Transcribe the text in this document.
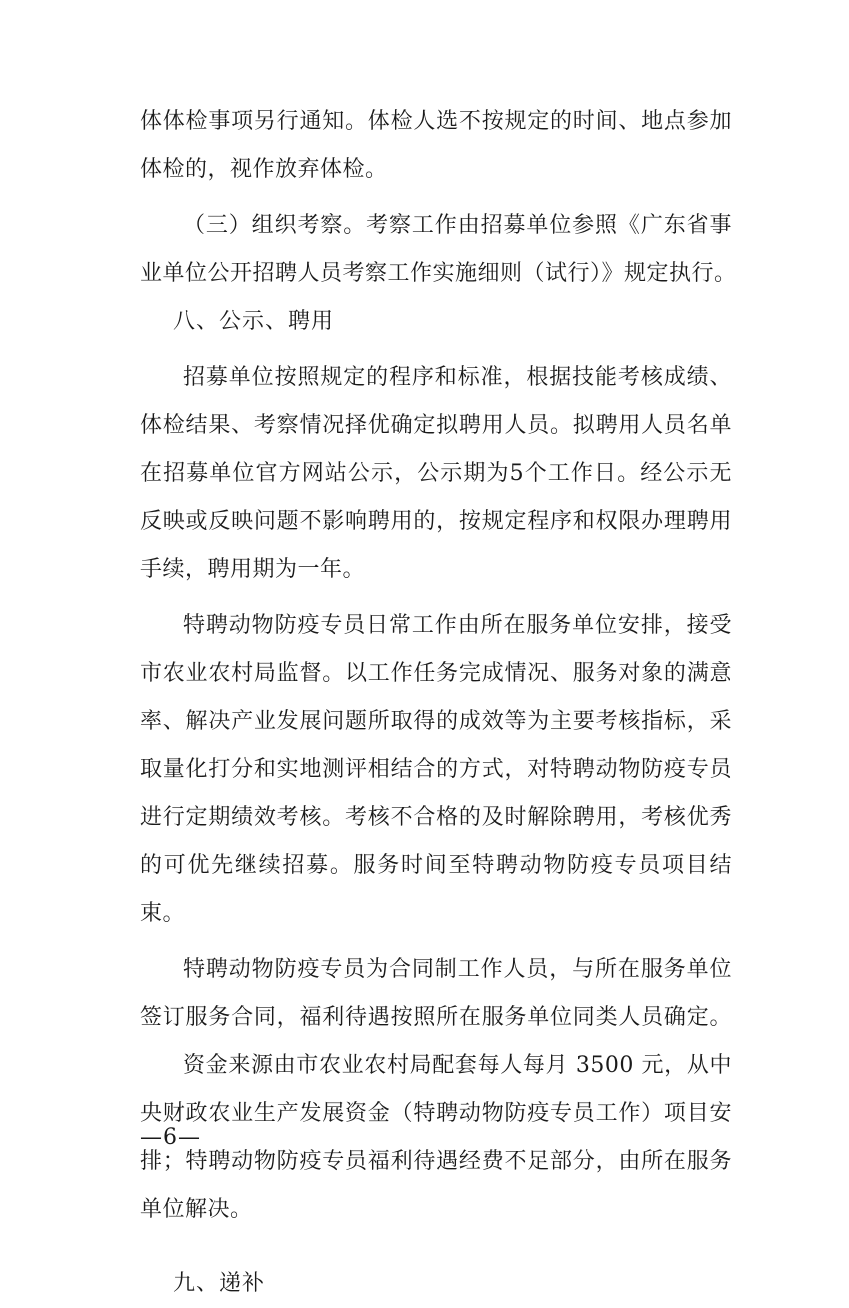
体体检事项另行通知。体检人选不按规定的时间、地点参加
体检的，视作放弃体检。
（三）组织考察。考察工作由招募单位参照《广东省事
业单位公开招聘人员考察工作实施细则（试行）》规定执行。
八、公示、聘用
招募单位按照规定的程序和标准，根据技能考核成绩、
体检结果、考察情况择优确定拟聘用人员。拟聘用人员名单
在招募单位官方网站公示，公示期为5个工作日。经公示无
反映或反映问题不影响聘用的，按规定程序和权限办理聘用
手续，聘用期为一年。
特聘动物防疫专员日常工作由所在服务单位安排，接受
市农业农村局监督。以工作任务完成情况、服务对象的满意
率、解决产业发展问题所取得的成效等为主要考核指标，采
取量化打分和实地测评相结合的方式，对特聘动物防疫专员
进行定期绩效考核。考核不合格的及时解除聘用，考核优秀
的可优先继续招募。服务时间至特聘动物防疫专员项目结
束。
特聘动物防疫专员为合同制工作人员，与所在服务单位
签订服务合同，福利待遇按照所在服务单位同类人员确定。
资金来源由市农业农村局配套每人每月 3500 元，从中
央财政农业生产发展资金（特聘动物防疫专员工作）项目安
排；特聘动物防疫专员福利待遇经费不足部分，由所在服务
单位解决。
九、递补
—6—
